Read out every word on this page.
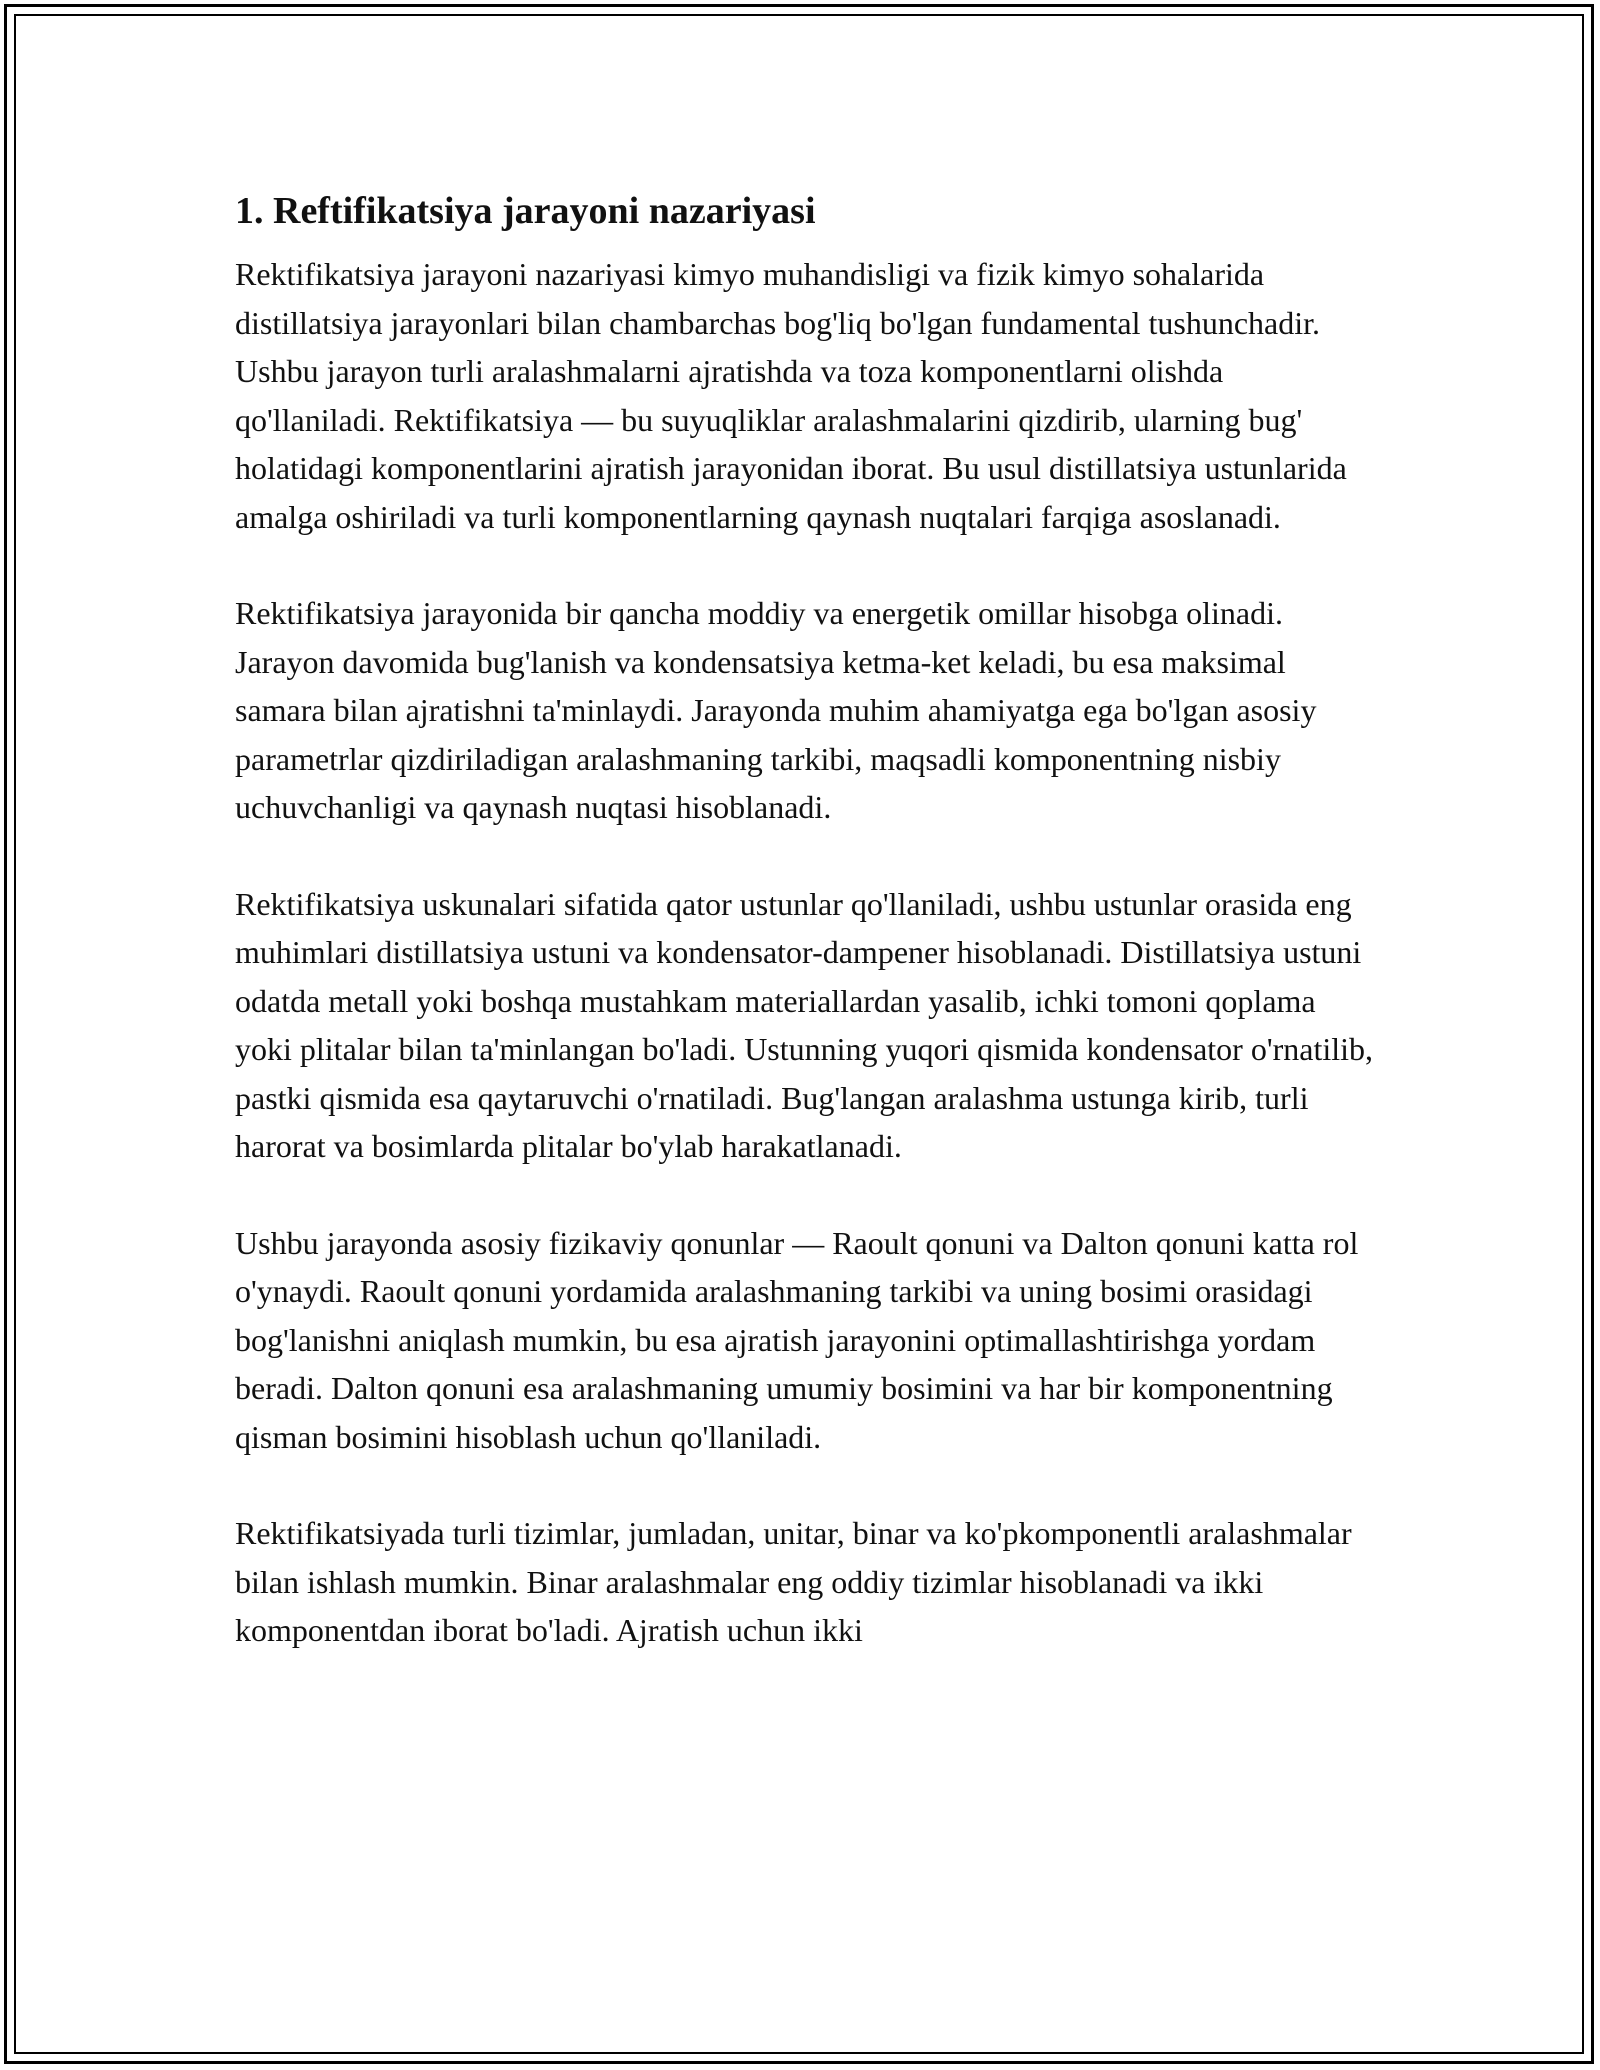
1. Reftifikatsiya jarayoni nazariyasi

Rektifikatsiya jarayoni nazariyasi kimyo muhandisligi va fizik kimyo sohalarida distillatsiya jarayonlari bilan chambarchas bog'liq bo'lgan fundamental tushunchadir. Ushbu jarayon turli aralashmalarni ajratishda va toza komponentlarni olishda qo'llaniladi. Rektifikatsiya — bu suyuqliklar aralashmalarini qizdirib, ularning bug' holatidagi komponentlarini ajratish jarayonidan iborat. Bu usul distillatsiya ustunlarida amalga oshiriladi va turli komponentlarning qaynash nuqtalari farqiga asoslanadi.

Rektifikatsiya jarayonida bir qancha moddiy va energetik omillar hisobga olinadi. Jarayon davomida bug'lanish va kondensatsiya ketma-ket keladi, bu esa maksimal samara bilan ajratishni ta'minlaydi. Jarayonda muhim ahamiyatga ega bo'lgan asosiy parametrlar qizdiriladigan aralashmaning tarkibi, maqsadli komponentning nisbiy uchuvchanligi va qaynash nuqtasi hisoblanadi.

Rektifikatsiya uskunalari sifatida qator ustunlar qo'llaniladi, ushbu ustunlar orasida eng muhimlari distillatsiya ustuni va kondensator-dampener hisoblanadi. Distillatsiya ustuni odatda metall yoki boshqa mustahkam materiallardan yasalib, ichki tomoni qoplama yoki plitalar bilan ta'minlangan bo'ladi. Ustunning yuqori qismida kondensator o'rnatilib, pastki qismida esa qaytaruvchi o'rnatiladi. Bug'langan aralashma ustunga kirib, turli harorat va bosimlarda plitalar bo'ylab harakatlanadi.

Ushbu jarayonda asosiy fizikaviy qonunlar — Raoult qonuni va Dalton qonuni katta rol o'ynaydi. Raoult qonuni yordamida aralashmaning tarkibi va uning bosimi orasidagi bog'lanishni aniqlash mumkin, bu esa ajratish jarayonini optimallashtirishga yordam beradi. Dalton qonuni esa aralashmaning umumiy bosimini va har bir komponentning qisman bosimini hisoblash uchun qo'llaniladi.

Rektifikatsiyada turli tizimlar, jumladan, unitar, binar va ko'pkomponentli aralashmalar bilan ishlash mumkin. Binar aralashmalar eng oddiy tizimlar hisoblanadi va ikki komponentdan iborat bo'ladi. Ajratish uchun ikki
